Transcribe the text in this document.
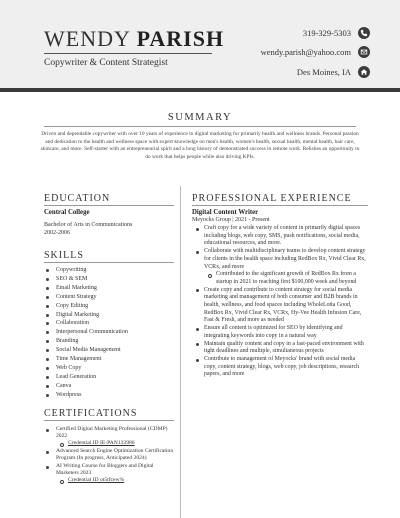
WENDY PARISH
Copywriter & Content Strategist
319-329-5303
wendy.parish@yahoo.com
Des Moines, IA
SUMMARY
Driven and dependable copywriter with over 10 years of experience in digital marketing for primarily health and wellness brands. Personal passion and dedication to the health and wellness space with expert knowledge on men's health, women's health, sexual health, mental health, hair care, skincare, and more. Self-starter with an entrepreneurial spirit and a long history of demonstrated success in remote work. Relishes an opportunity to do work that helps people while also driving KPIs.
EDUCATION
Central College
Bachelor of Arts in Communications
2002-2006
SKILLS
Copywriting
SEO & SEM
Email Marketing
Content Strategy
Copy Editing
Digital Marketing
Collaboration
Interpersonal Communication
Branding
Social Media Management
Time Management
Web Copy
Lead Generation
Canva
Wordpress
CERTIFICATIONS
Certified Digital Marketing Professional (CDMP) 2022
Credential ID IE-PAN133986
Advanced Search Engine Optimization Certification Program (In progress, Anticipated 2024)
AI Writing Course for Bloggers and Digital Marketers 2023
Credential ID ot5tfcew%
PROFESSIONAL EXPERIENCE
Digital Content Writer
Meyocks Group | 2021 - Present
Craft copy for a wide variety of content in primarily digital spaces including blogs, web copy, SMS, push notifications, social media, educational resources, and more.
Collaborate with multidisciplinary teams to develop content strategy for clients in the health space including RedBox Rx, Vivid Clear Rx, VCRx, and more
Contributed to the significant growth of RedBox Rx from a startup in 2021 to reaching first $100,000 week and beyond
Create copy and contribute to content strategy for social media marketing and management of both consumer and B2B brands in health, wellness, and food spaces including WholeLotta Good, RedBox Rx, Vivid Clear Rx, VCRx, Hy-Vee Health Infusion Care, Fast & Fresh, and more as needed
Ensure all content is optimized for SEO by identifying and integrating keywords into copy in a natural way
Maintain quality content and copy in a fast-paced environment with tight deadlines and multiple, simultaneous projects
Contribute to management of Meyocks' brand with social media copy, content strategy, blogs, web copy, job descriptions, research papers, and more
